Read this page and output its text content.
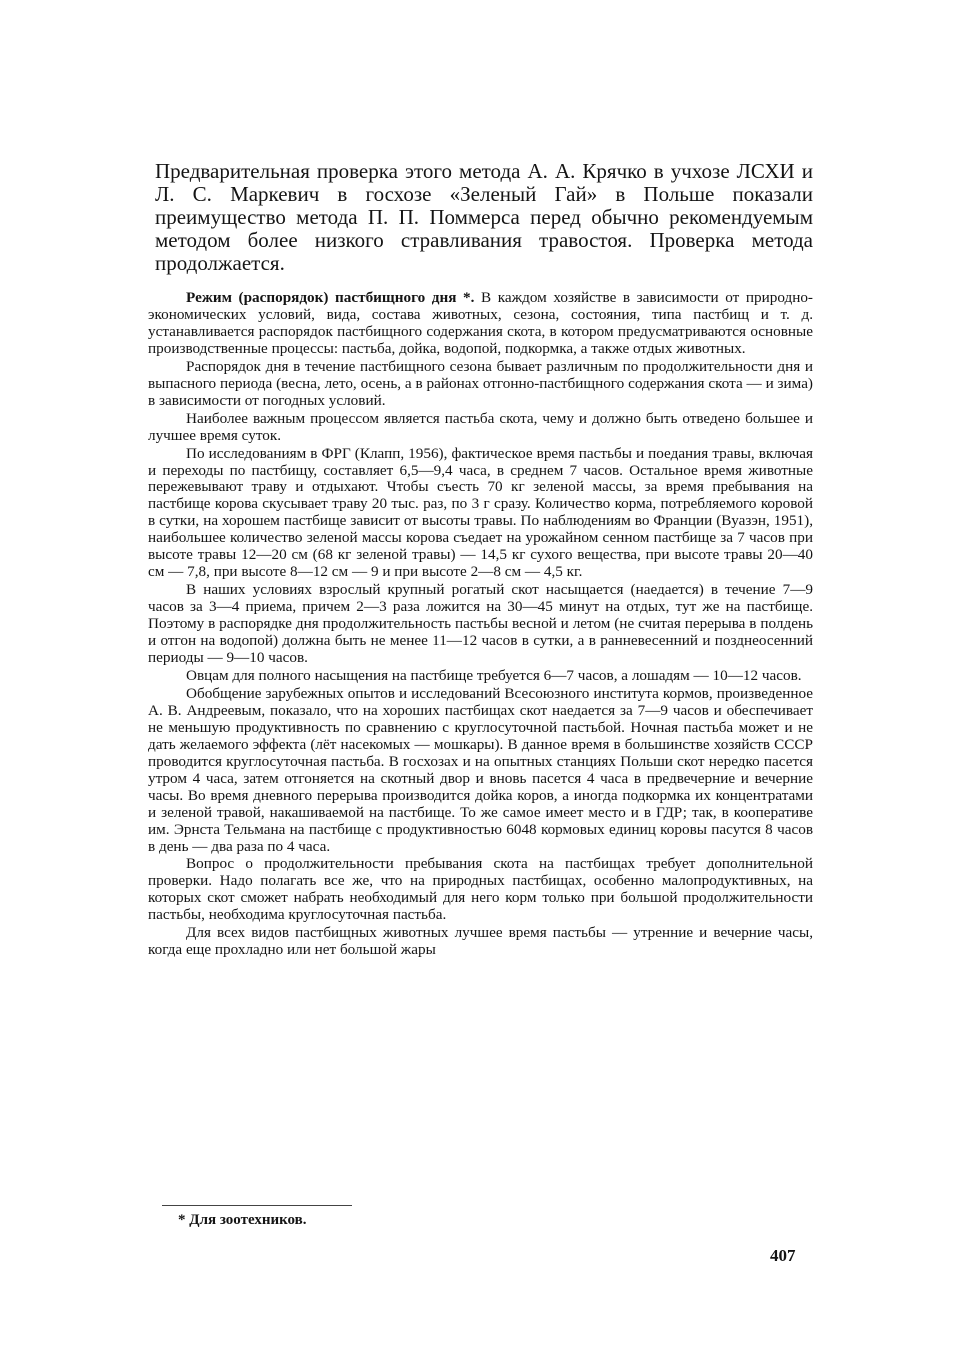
Предварительная проверка этого метода А. А. Крячко в учхозе ЛСХИ и Л. С. Маркевич в госхозе «Зеленый Гай» в Польше показали преимущество метода П. П. Поммерса перед обычно рекомендуемым методом более низкого стравливания травостоя. Проверка метода продолжается.

Режим (распорядок) пастбищного дня *. В каждом хозяйстве в зависимости от природно-экономических условий, вида, состава животных, сезона, состояния, типа пастбищ и т. д. устанавливается распорядок пастбищного содержания скота, в котором предусматриваются основные производственные процессы: пастьба, дойка, водопой, подкормка, а также отдых животных.

Распорядок дня в течение пастбищного сезона бывает различным по продолжительности дня и выпасного периода (весна, лето, осень, а в районах отгонно-пастбищного содержания скота — и зима) в зависимости от погодных условий.

Наиболее важным процессом является пастьба скота, чему и должно быть отведено большее и лучшее время суток.

По исследованиям в ФРГ (Клапп, 1956), фактическое время пастьбы и поедания травы, включая и переходы по пастбищу, составляет 6,5—9,4 часа, в среднем 7 часов. Остальное время животные пережевывают траву и отдыхают. Чтобы съесть 70 кг зеленой массы, за время пребывания на пастбище корова скусывает траву 20 тыс. раз, по 3 г сразу. Количество корма, потребляемого коровой в сутки, на хорошем пастбище зависит от высоты травы. По наблюдениям во Франции (Вуазэн, 1951), наибольшее количество зеленой массы корова съедает на урожайном сенном пастбище за 7 часов при высоте травы 12—20 см (68 кг зеленой травы) — 14,5 кг сухого вещества, при высоте травы 20—40 см — 7,8, при высоте 8—12 см — 9 и при высоте 2—8 см — 4,5 кг.

В наших условиях взрослый крупный рогатый скот насыщается (наедается) в течение 7—9 часов за 3—4 приема, причем 2—3 раза ложится на 30—45 минут на отдых, тут же на пастбище. Поэтому в распорядке дня продолжительность пастьбы весной и летом (не считая перерыва в полдень и отгон на водопой) должна быть не менее 11—12 часов в сутки, а в ранневесенний и позднеосенний периоды — 9—10 часов.

Овцам для полного насыщения на пастбище требуется 6—7 часов, а лошадям — 10—12 часов.

Обобщение зарубежных опытов и исследований Всесоюзного института кормов, произведенное А. В. Андреевым, показало, что на хороших пастбищах скот наедается за 7—9 часов и обеспечивает не меньшую продуктивность по сравнению с круглосуточной пастьбой. Ночная пастьба может и не дать желаемого эффекта (лёт насекомых — мошкары). В данное время в большинстве хозяйств СССР проводится круглосуточная пастьба. В госхозах и на опытных станциях Польши скот нередко пасется утром 4 часа, затем отгоняется на скотный двор и вновь пасется 4 часа в предвечерние и вечерние часы. Во время дневного перерыва производится дойка коров, а иногда подкормка их концентратами и зеленой травой, накашиваемой на пастбище. То же самое имеет место и в ГДР; так, в кооперативе им. Эрнста Тельмана на пастбище с продуктивностью 6048 кормовых единиц коровы пасутся 8 часов в день — два раза по 4 часа.

Вопрос о продолжительности пребывания скота на пастбищах требует дополнительной проверки. Надо полагать все же, что на природных пастбищах, особенно малопродуктивных, на которых скот сможет набрать необходимый для него корм только при большой продолжительности пастьбы, необходима круглосуточная пастьба.

Для всех видов пастбищных животных лучшее время пастьбы — утренние и вечерние часы, когда еще прохладно или нет большой жары

* Для зоотехников.

407
